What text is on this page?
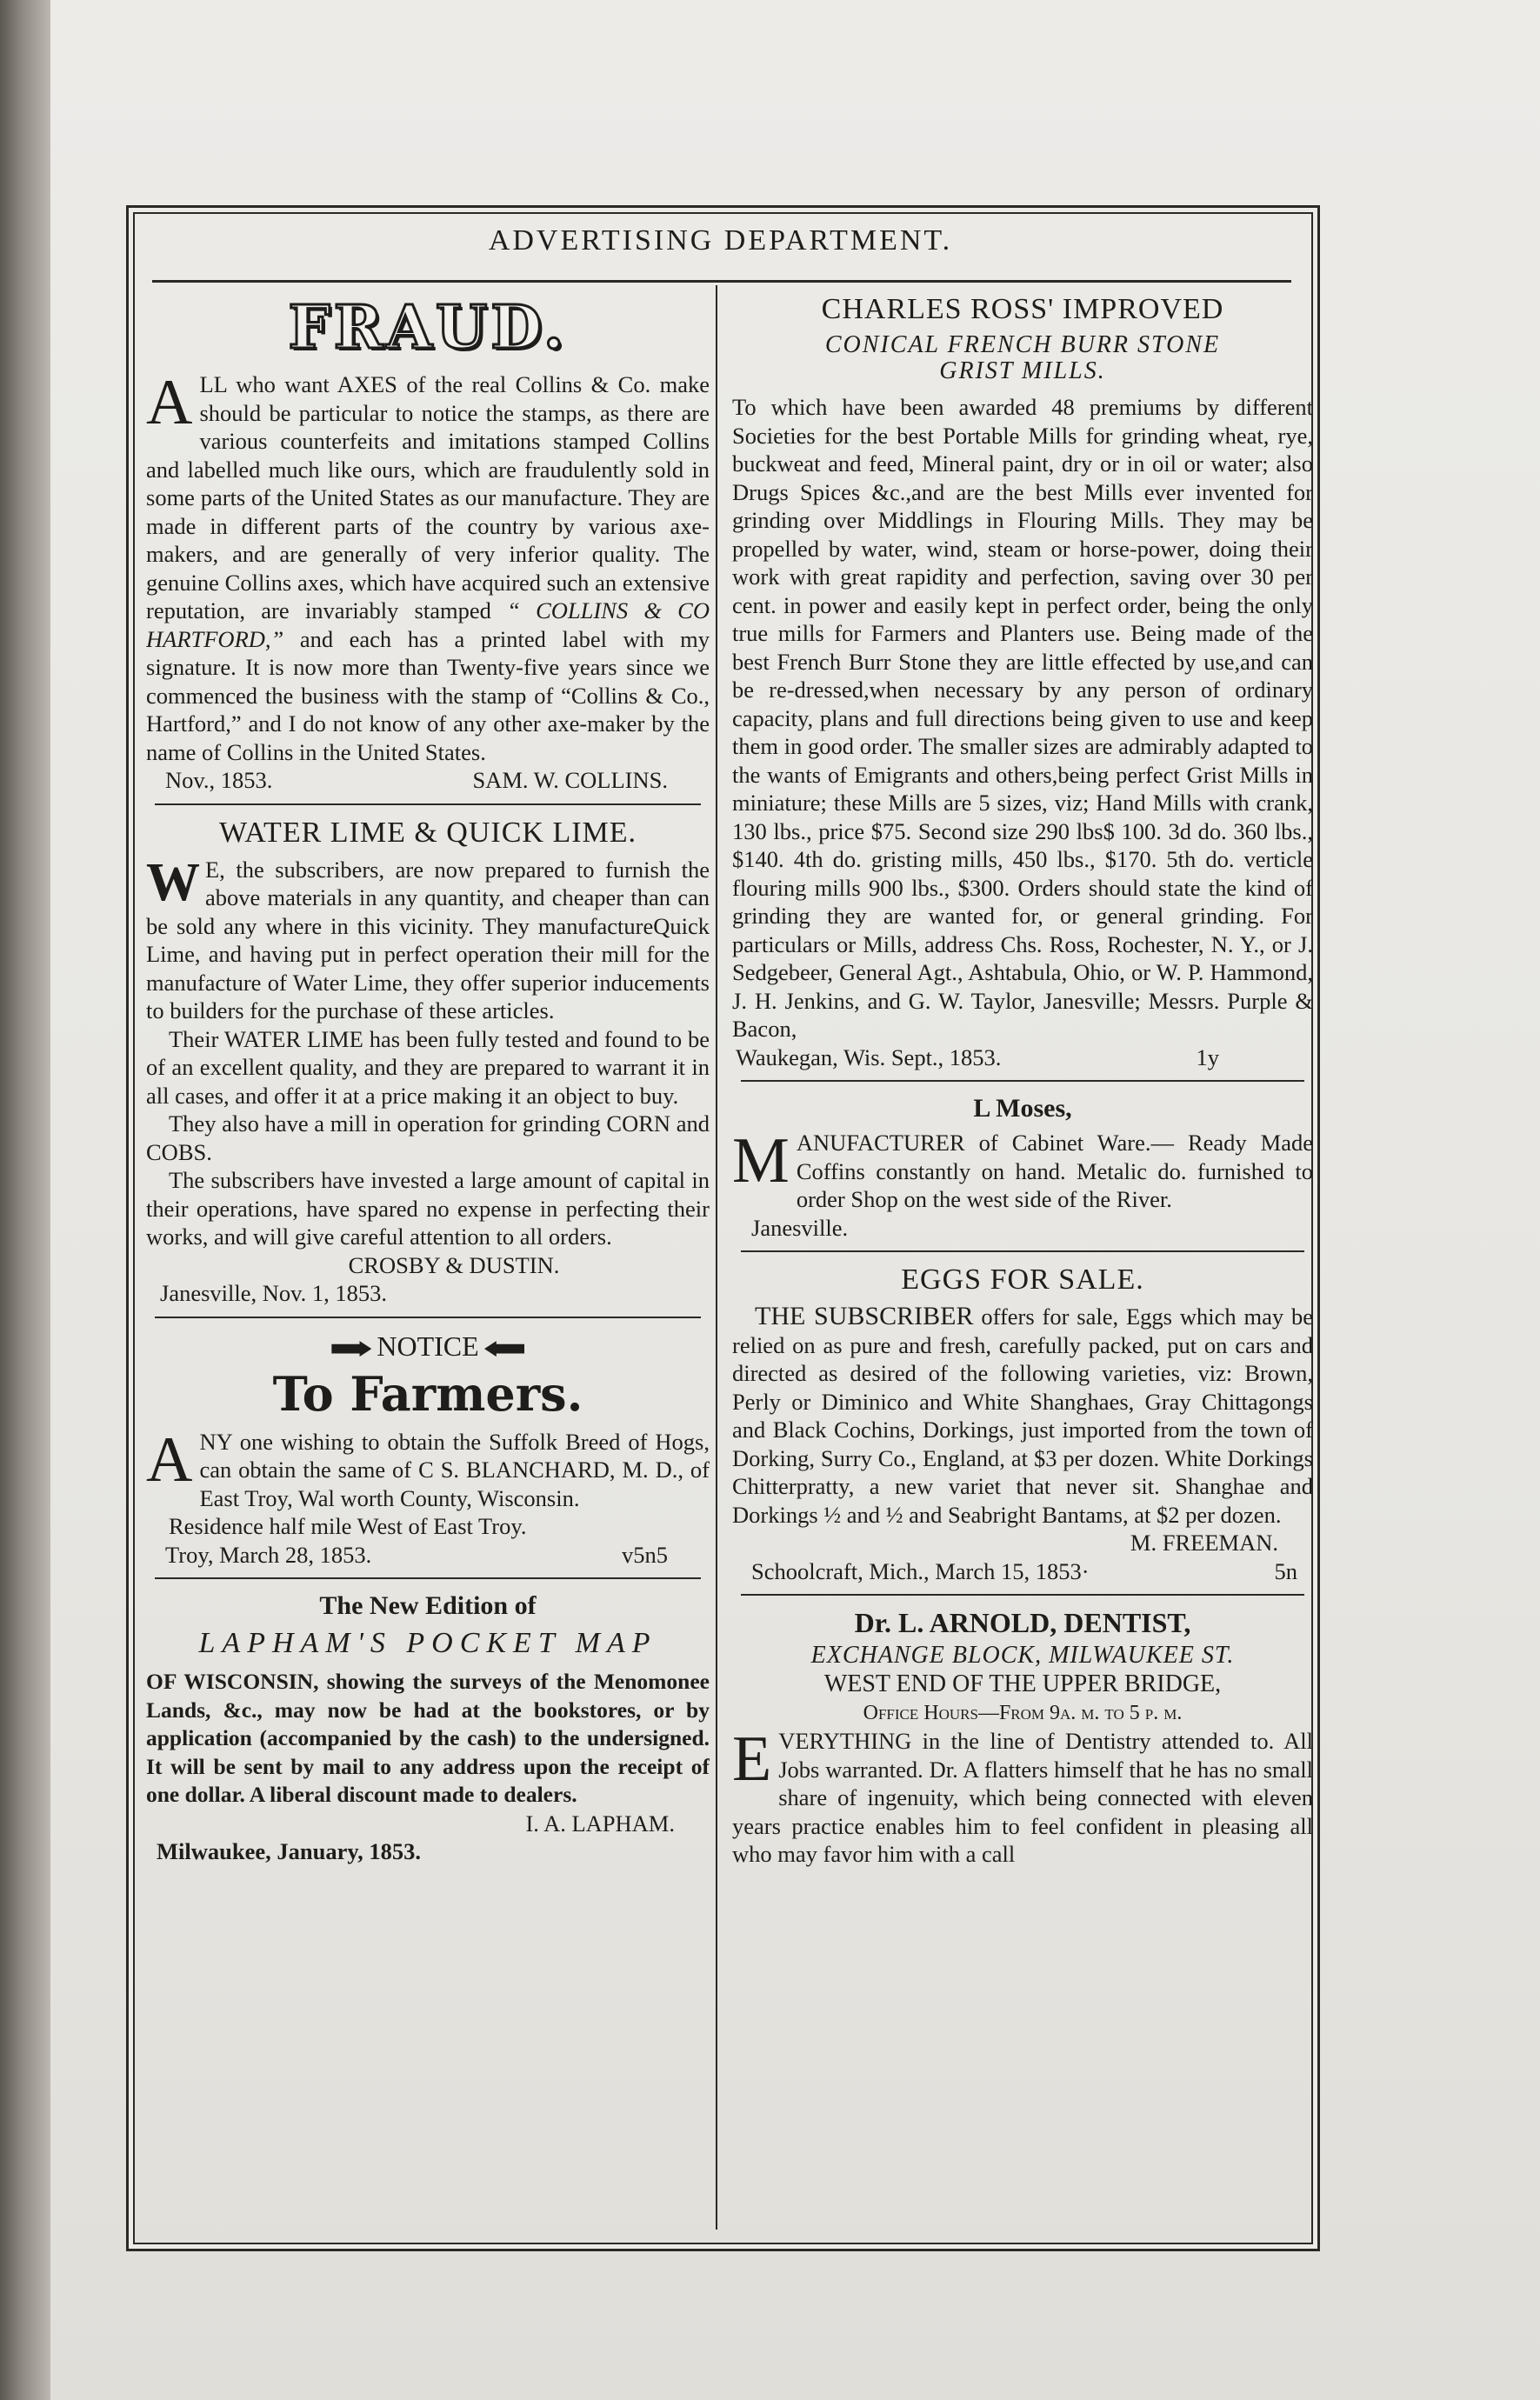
ADVERTISING DEPARTMENT.
FRAUD.
A LL who want AXES of the real Collins & Co. make should be particular to notice the stamps, as there are various counterfeits and imitations stamped Collins and labelled much like ours, which are fraudulently sold in some parts of the United States as our manufacture. They are made in different parts of the country by various axe-makers, and are generally of very inferior quality. The genuine Collins axes, which have acquired such an extensive reputation, are invariably stamped “ COLLINS & CO HARTFORD,” and each has a printed label with my signature. It is now more than Twenty-five years since we commenced the business with the stamp of “Collins & Co., Hartford,” and I do not know of any other axe-maker by the name of Collins in the United States.
Nov., 1853.	SAM. W. COLLINS.
WATER LIME & QUICK LIME.

W E, the subscribers, are now prepared to furnish the above materials in any quantity, and cheaper than can be sold any where in this vicinity. They manufactureQuick Lime, and having put in perfect operation their mill for the manufacture of Water Lime, they offer superior inducements to builders for the purchase of these articles.

Their WATER LIME has been fully tested and found to be of an excellent quality, and they are prepared to warrant it in all cases, and offer it at a price making it an object to buy.

They also have a mill in operation for grinding CORN and COBS.

The subscribers have invested a large amount of capital in their operations, have spared no expense in perfecting their works, and will give careful attention to all orders.

CROSBY & DUSTIN.

Janesville, Nov. 1, 1853.

NOTICE
To Farmers.

ANY one wishing to obtain the Suffolk Breed of Hogs, can obtain the same of C S. BLANCHARD, M. D., of East Troy, Wal worth County, Wisconsin.

Residence half mile West of East Troy.

Troy, March 28, 1853.	v5n5
The New Edition of
LAPHAM'S POCKET MAP
OF WISCONSIN, showing the surveys of the Menomonee Lands, &c., may now be had at the bookstores, or by application (accompanied by the cash) to the undersigned. It will be sent by mail to any address upon the receipt of one dollar. A liberal discount made to dealers.
I. A. LAPHAM.
Milwaukee, January, 1853.
CHARLES ROSS' IMPROVED
CONICAL FRENCH BURR STONE
GRIST MILLS.
To which have been awarded 48 premiums by different Societies for the best Portable Mills for grinding wheat, rye, buckweat and feed, Mineral paint, dry or in oil or water; also Drugs Spices &c.,and are the best Mills ever invented for grinding over Middlings in Flouring Mills. They may be propelled by water, wind, steam or horse-power, doing their work with great rapidity and perfection, saving over 30 per cent. in power and easily kept in perfect order, being the only true mills for Farmers and Planters use. Being made of the best French Burr Stone they are little effected by use,and can be re-dressed,when necessary by any person of ordinary capacity, plans and full directions being given to use and keep them in good order. The smaller sizes are admirably adapted to the wants of Emigrants and others,being perfect Grist Mills in miniature; these Mills are 5 sizes, viz; Hand Mills with crank, 130 lbs., price $75. Second size 290 lbs$ 100. 3d do. 360 lbs., $140. 4th do. gristing mills, 450 lbs., $170. 5th do. verticle flouring mills 900 lbs., $300. Orders should state the kind of grinding they are wanted for, or general grinding. For particulars or Mills, address Chs. Ross, Rochester, N. Y., or J. Sedgebeer, General Agt., Ashtabula, Ohio, or W. P. Hammond, J. H. Jenkins, and G. W. Taylor, Janesville; Messrs. Purple & Bacon,
Waukegan, Wis. Sept., 1853.	1y
L Moses,

MANUFACTURER of Cabinet Ware.— Ready Made Coffins constantly on hand. Metalic do. furnished to order Shop on the west side of the River.

Janesville.

EGGS FOR SALE.

THE SUBSCRIBER offers for sale, Eggs which may be relied on as pure and fresh, carefully packed, put on cars and directed as desired of the following varieties, viz: Brown, Perly or Diminico and White Shanghaes, Gray Chittagongs and Black Cochins, Dorkings, just imported from the town of Dorking, Surry Co., England, at $3 per dozen. White Dorkings Chitterpratty, a new variet that never sit. Shanghae and Dorkings ½ and ½ and Seabright Bantams, at $2 per dozen.

M. FREEMAN.

Schoolcraft, Mich., March 15, 1853·	5n
Dr. L. ARNOLD, DENTIST,
EXCHANGE BLOCK, MILWAUKEE ST.
WEST END OF THE UPPER BRIDGE,
Office Hours—From 9a. m. to 5 p. m.

EVERYTHING in the line of Dentistry attended to. All Jobs warranted. Dr. A flatters himself that he has no small share of ingenuity, which being connected with eleven years practice enables him to feel confident in pleasing all who may favor him with a call
